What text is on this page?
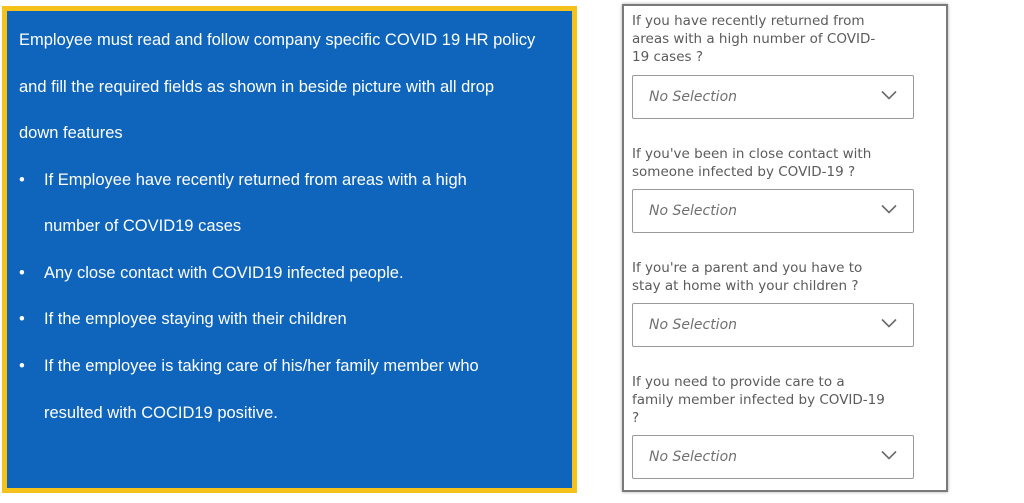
Employee must read and follow company specific COVID 19 HR policy
and fill the required fields as shown in beside picture with all drop
down features
•	If Employee have recently returned from areas with a high
number of COVID19 cases
•	Any close contact with COVID19 infected people.
•	If the employee staying with their children
•	If the employee is taking care of his/her family member who
resulted with COCID19 positive.
If you have recently returned from
areas with a high number of COVID-
19 cases ?
No Selection
If you've been in close contact with
someone infected by COVID-19 ?
No Selection
If you're a parent and you have to
stay at home with your children ?
No Selection
If you need to provide care to a
family member infected by COVID-19
?
No Selection
